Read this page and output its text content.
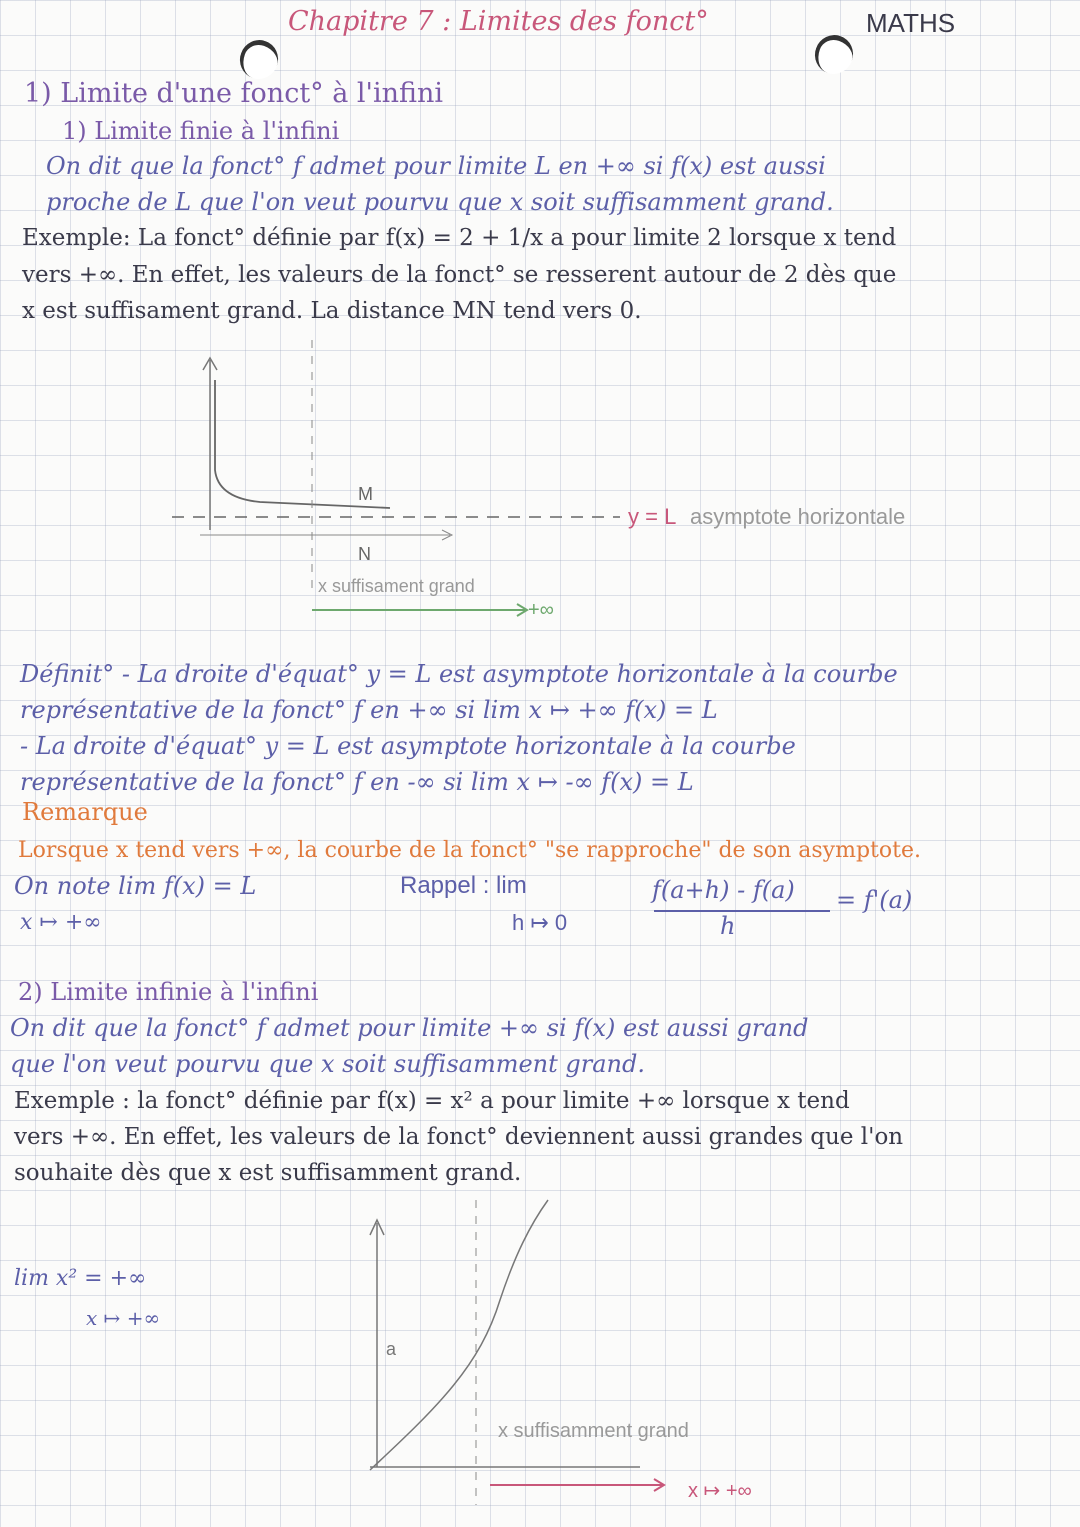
Chapitre 7 : Limites des fonct°	MATHS
1) Limite d'une fonct° à l'infini
1) Limite finie à l'infini
On dit que la fonct° f admet pour limite L en +∞ si f(x) est aussi
proche de L que l'on veut pourvu que x soit suffisamment grand.
Exemple: La fonct° définie par f(x) = 2 + 1/x a pour limite 2 lorsque x tend
vers +∞. En effet, les valeurs de la fonct° se resserent autour de 2 dès que
x est suffisament grand. La distance MN tend vers 0.
M
N
y = L asymptote horizontale
x suffisament grand
+∞
Définit° - La droite d'équat° y = L est asymptote horizontale à la courbe
représentative de la fonct° f en +∞ si lim x ↦ +∞ f(x) = L
- La droite d'équat° y = L est asymptote horizontale à la courbe
représentative de la fonct° f en -∞ si lim x ↦ -∞ f(x) = L
Remarque
Lorsque x tend vers +∞, la courbe de la fonct° "se rapproche" de son asymptote.
On note lim f(x) = L
x ↦ +∞
Rappel : lim
h ↦ 0
f(a+h) - f(a)
h
= f'(a)
2) Limite infinie à l'infini
On dit que la fonct° f admet pour limite +∞ si f(x) est aussi grand
que l'on veut pourvu que x soit suffisamment grand.
Exemple : la fonct° définie par f(x) = x² a pour limite +∞ lorsque x tend
vers +∞. En effet, les valeurs de la fonct° deviennent aussi grandes que l'on
souhaite dès que x est suffisamment grand.
lim x² = +∞
x ↦ +∞
a
x suffisamment grand
x ↦ +∞
